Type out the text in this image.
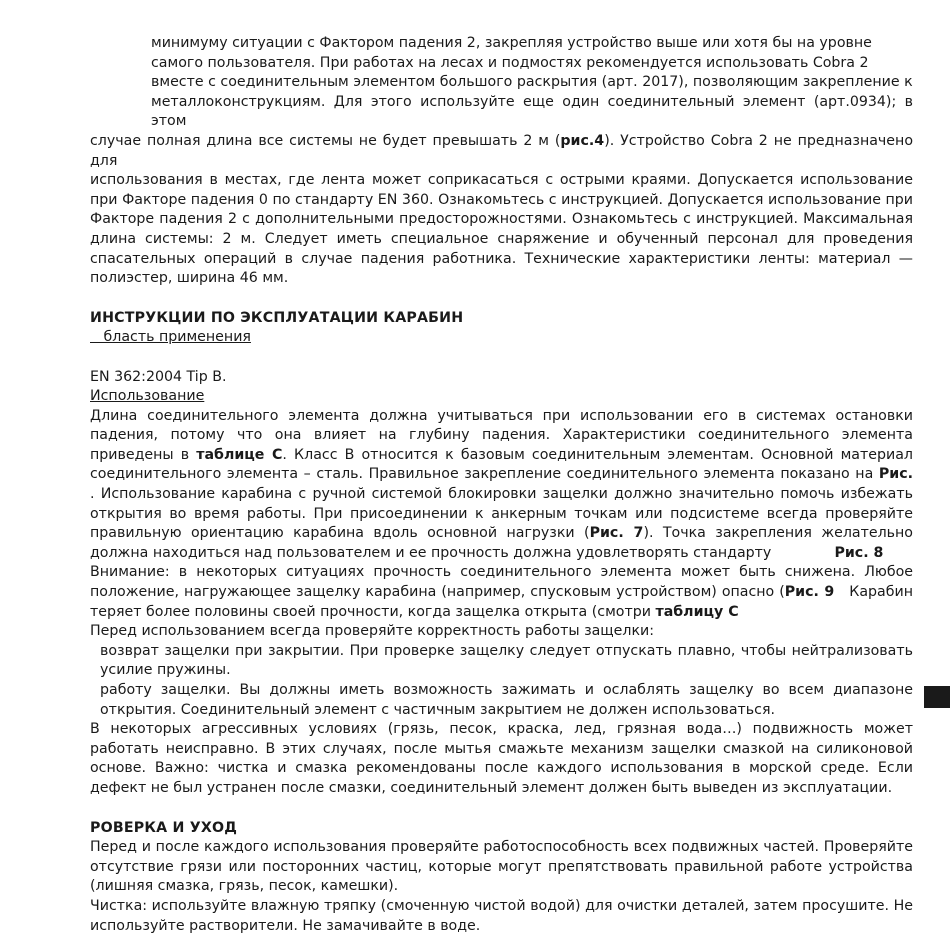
минимуму ситуации с Фактором падения 2, закрепляя устройство выше или хотя бы на уровне

самого пользователя. При работах на лесах и подмостях рекомендуется использовать Cobra 2

вместе с соединительным элементом большого раскрытия (арт. 2017), позволяющим закрепление к

металлоконструкциям. Для этого используйте еще один соединительный элемент (арт.0934); в этом

случае полная длина все системы не будет превышать 2 м (рис.4). Устройство Cobra 2 не предназначено для

использования в местах, где лента может соприкасаться с острыми краями. Допускается использование при Факторе падения 0 по стандарту EN 360. Ознакомьтесь с инструкцией. Допускается использование при Факторе падения 2 с дополнительными предосторожностями. Ознакомьтесь с инструкцией. Максимальная длина системы: 2 м. Следует иметь специальное снаряжение и обученный персонал для проведения спасательных операций в случае падения работника. Технические характеристики ленты: материал — полиэстер, ширина 46 мм.

ИНСТРУКЦИИ ПО ЭКСПЛУАТАЦИИ КАРАБИН

бласть применения

EN 362:2004 Tip B.

Использование

Длина соединительного элемента должна учитываться при использовании его в системах остановки падения, потому что она влияет на глубину падения. Характеристики соединительного элемента приведены в таблице С. Класс В относится к базовым соединительным элементам. Основной материал соединительного элемента – сталь. Правильное закрепление соединительного элемента показано на Рис.   . Использование карабина с ручной системой блокировки защелки должно значительно помочь избежать открытия во время работы. При присоединении к анкерным точкам или подсистеме всегда проверяйте правильную ориентацию карабина вдоль основной нагрузки (Рис. 7). Точка закрепления желательно должна находиться над пользователем и ее прочность должна удовлетворять стандарту              Рис. 8

Внимание: в некоторых ситуациях прочность соединительного элемента может быть снижена. Любое положение, нагружающее защелку карабина (например, спусковым устройством) опасно (Рис. 9   Карабин теряет более половины своей прочности, когда защелка открыта (смотри таблицу С

Перед использованием всегда проверяйте корректность работы защелки:

возврат защелки при закрытии. При проверке защелку следует отпускать плавно, чтобы нейтрализовать усилие пружины.

работу защелки. Вы должны иметь возможность зажимать и ослаблять защелку во всем диапазоне открытия. Соединительный элемент с частичным закрытием не должен использоваться.

В некоторых агрессивных условиях (грязь, песок, краска, лед, грязная вода…) подвижность может работать неисправно. В этих случаях, после мытья смажьте механизм защелки смазкой на силиконовой основе. Важно: чистка и смазка рекомендованы после каждого использования в морской среде. Если дефект не был устранен после смазки, соединительный элемент должен быть выведен из эксплуатации.

РОВЕРКА И УХОД

Перед и после каждого использования проверяйте работоспособность всех подвижных частей. Проверяйте отсутствие грязи или посторонних частиц, которые могут препятствовать правильной работе устройства (лишняя смазка, грязь, песок, камешки).

Чистка: используйте влажную тряпку (смоченную чистой водой) для очистки деталей, затем просушите. Не используйте растворители. Не замачивайте в воде.
